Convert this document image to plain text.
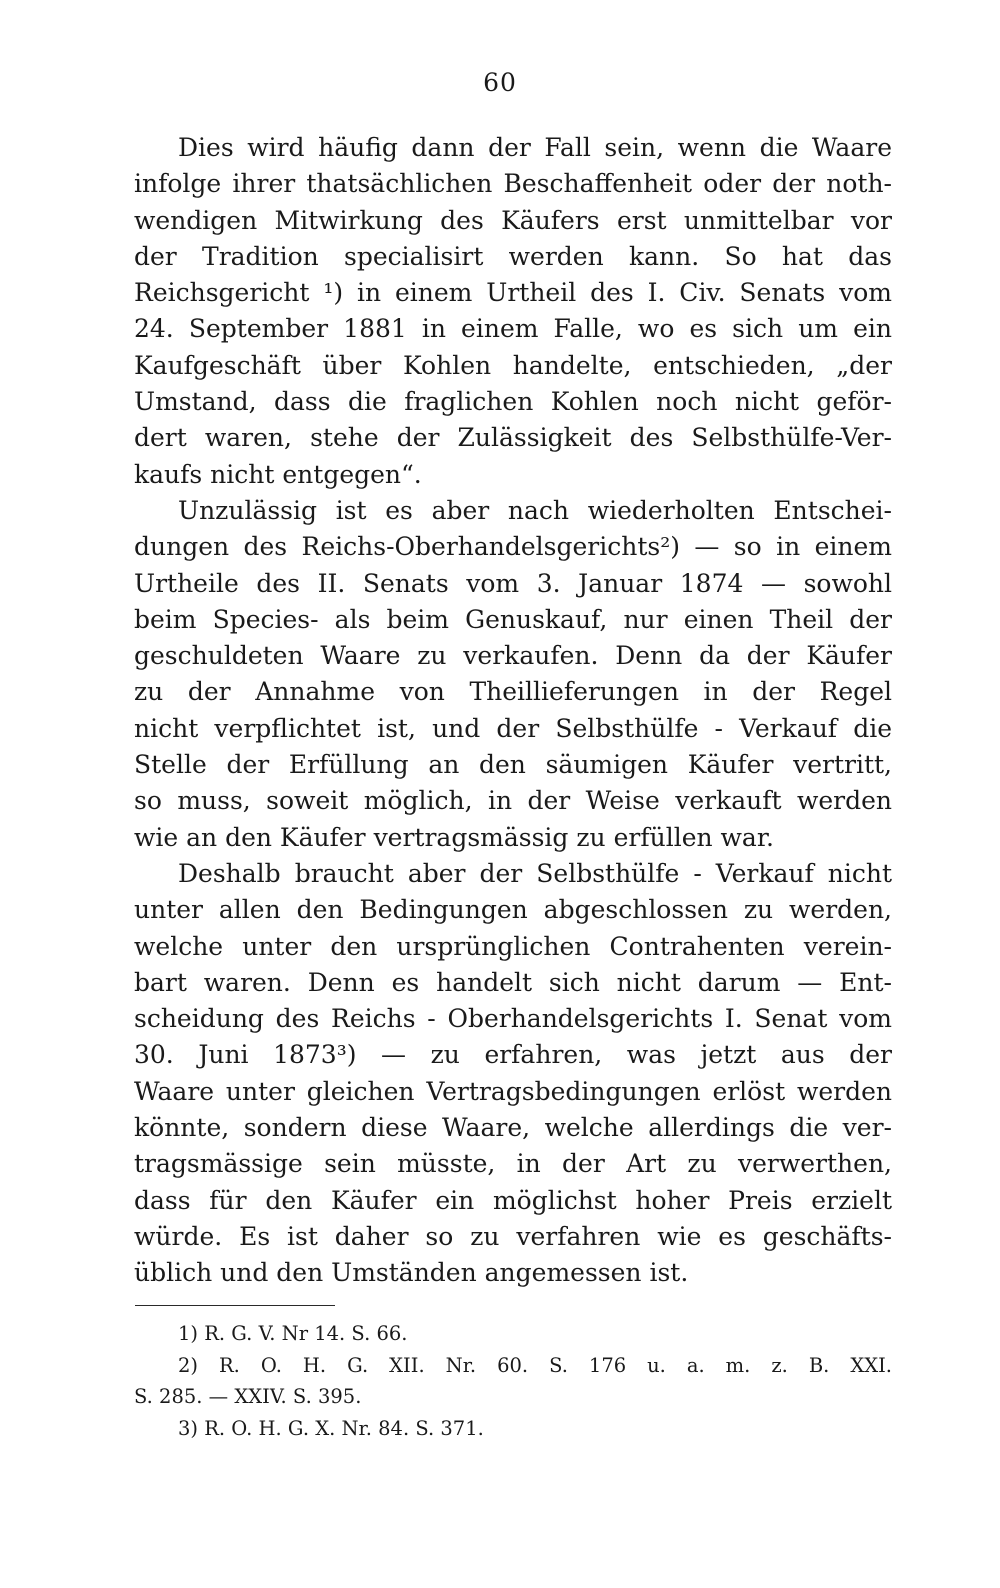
60
Dies wird häufig dann der Fall sein, wenn die Waare
infolge ihrer thatsächlichen Beschaffenheit oder der noth-
wendigen Mitwirkung des Käufers erst unmittelbar vor
der Tradition specialisirt werden kann. So hat das
Reichsgericht ¹) in einem Urtheil des I. Civ. Senats vom
24. September 1881 in einem Falle, wo es sich um ein
Kaufgeschäft über Kohlen handelte, entschieden, „der
Umstand, dass die fraglichen Kohlen noch nicht geför-
dert waren, stehe der Zulässigkeit des Selbsthülfe-Ver-
kaufs nicht entgegen“.
Unzulässig ist es aber nach wiederholten Entschei-
dungen des Reichs-Oberhandelsgerichts²) — so in einem
Urtheile des II. Senats vom 3. Januar 1874 — sowohl
beim Species- als beim Genuskauf, nur einen Theil der
geschuldeten Waare zu verkaufen. Denn da der Käufer
zu der Annahme von Theillieferungen in der Regel
nicht verpflichtet ist, und der Selbsthülfe - Verkauf die
Stelle der Erfüllung an den säumigen Käufer vertritt,
so muss, soweit möglich, in der Weise verkauft werden
wie an den Käufer vertragsmässig zu erfüllen war.
Deshalb braucht aber der Selbsthülfe - Verkauf nicht
unter allen den Bedingungen abgeschlossen zu werden,
welche unter den ursprünglichen Contrahenten verein-
bart waren. Denn es handelt sich nicht darum — Ent-
scheidung des Reichs - Oberhandelsgerichts I. Senat vom
30. Juni 1873³) — zu erfahren, was jetzt aus der
Waare unter gleichen Vertragsbedingungen erlöst werden
könnte, sondern diese Waare, welche allerdings die ver-
tragsmässige sein müsste, in der Art zu verwerthen,
dass für den Käufer ein möglichst hoher Preis erzielt
würde. Es ist daher so zu verfahren wie es geschäfts-
üblich und den Umständen angemessen ist.
1) R. G. V. Nr 14. S. 66.
2) R. O. H. G. XII. Nr. 60. S. 176 u. a. m. z. B. XXI.
S. 285. — XXIV. S. 395.
3) R. O. H. G. X. Nr. 84. S. 371.
